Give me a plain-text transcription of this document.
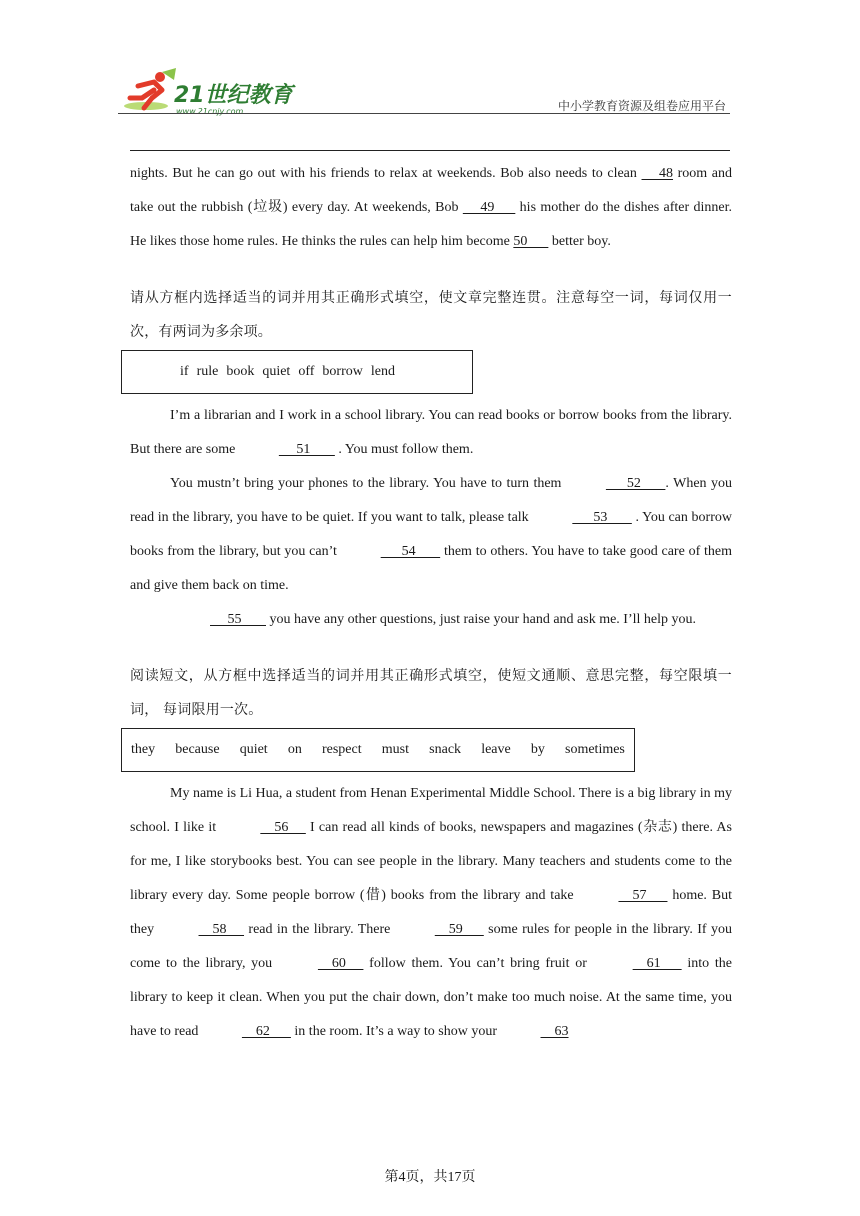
21世纪教育
www.21cnjy.com	中小学教育资源及组卷应用平台

nights. But he can go out with his friends to relax at weekends. Bob also needs to clean      48 room and take out the rubbish (垃圾) every day. At weekends, Bob      49       his mother do the dishes after dinner. He likes those home rules. He thinks the rules can help him become 50       better boy.

请从方框内选择适当的词并用其正确形式填空，使文章完整连贯。注意每空一词，每词仅用一次，有两词为多余项。

if rule book quiet off borrow lend

I’m a librarian and I work in a school library. You can read books or borrow books from the library. But there are some	51        . You must follow them.

You mustn’t bring your phones to the library. You have to turn them	52       . When you read in the library, you have to be quiet. If you want to talk, please talk	53        . You can borrow books from the library, but you can’t	54        them to others. You have to take good care of them and give them back on time.

55        you have any other questions, just raise your hand and ask me. I’ll help you.

阅读短文，从方框中选择适当的词并用其正确形式填空，使短文通顺、意思完整，每空限填一词， 每词限用一次。

they because quiet on respect must snack leave by sometimes

My name is Li Hua, a student from Henan Experimental Middle School. There is a big library in my school. I like it	56      I can read all kinds of books, newspapers and magazines (杂志) there. As for me, I like storybooks best. You can see people in the library. Many teachers and students come to the library every day. Some people borrow (借) books from the library and take	57       home. But they	58      read in the library. There	59       some rules for people in the library. If you come to the library, you	60      follow them. You can’t bring fruit or	61       into the library to keep it clean. When you put the chair down, don’t make too much noise. At the same time, you have to read	62       in the room. It’s a way to show your	63

第4页，共17页
